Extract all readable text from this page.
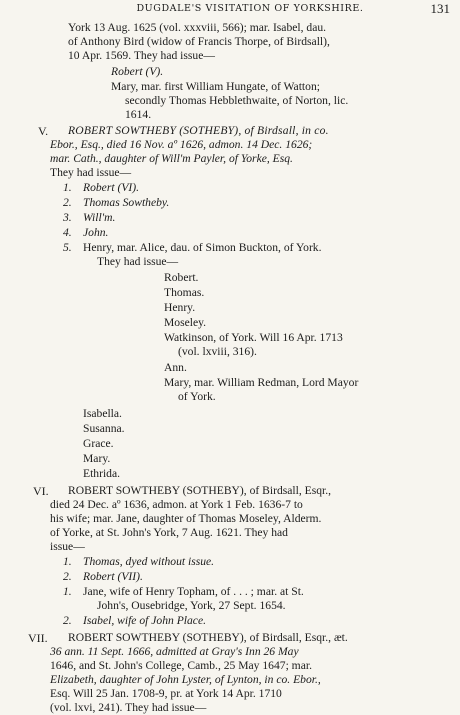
DUGDALE'S VISITATION OF YORKSHIRE.	131
York 13 Aug. 1625 (vol. xxxviii, 566); mar. Isabel, dau.
of Anthony Bird (widow of Francis Thorpe, of Birdsall),
10 Apr. 1569. They had issue—
Robert (V).
Mary, mar. first William Hungate, of Watton;
secondly Thomas Hebblethwaite, of Norton, lic.
1614.
V. ROBERT SOWTHEBY (SOTHEBY), of Birdsall, in co.
Ebor., Esq., died 16 Nov. aº 1626, admon. 14 Dec. 1626;
mar. Cath., daughter of Will'm Payler, of Yorke, Esq.
They had issue—
1. Robert (VI).
2. Thomas Sowtheby.
3. Will'm.
4. John.
5. Henry, mar. Alice, dau. of Simon Buckton, of York.
They had issue—
Robert.
Thomas.
Henry.
Moseley.
Watkinson, of York. Will 16 Apr. 1713
(vol. lxviii, 316).
Ann.
Mary, mar. William Redman, Lord Mayor
of York.
Isabella.
Susanna.
Grace.
Mary.
Ethrida.
VI. ROBERT SOWTHEBY (SOTHEBY), of Birdsall, Esqr.,
died 24 Dec. aº 1636, admon. at York 1 Feb. 1636-7 to
his wife; mar. Jane, daughter of Thomas Moseley, Alderm.
of Yorke, at St. John's York, 7 Aug. 1621. They had
issue—
1. Thomas, dyed without issue.
2. Robert (VII).
1. Jane, wife of Henry Topham, of . . . ; mar. at St.
John's, Ousebridge, York, 27 Sept. 1654.
2. Isabel, wife of John Place.
VII. ROBERT SOWTHEBY (SOTHEBY), of Birdsall, Esqr., æt.
36 ann. 11 Sept. 1666, admitted at Gray's Inn 26 May
1646, and St. John's College, Camb., 25 May 1647; mar.
Elizabeth, daughter of John Lyster, of Lynton, in co. Ebor.,
Esq. Will 25 Jan. 1708-9, pr. at York 14 Apr. 1710
(vol. lxvi, 241). They had issue—
